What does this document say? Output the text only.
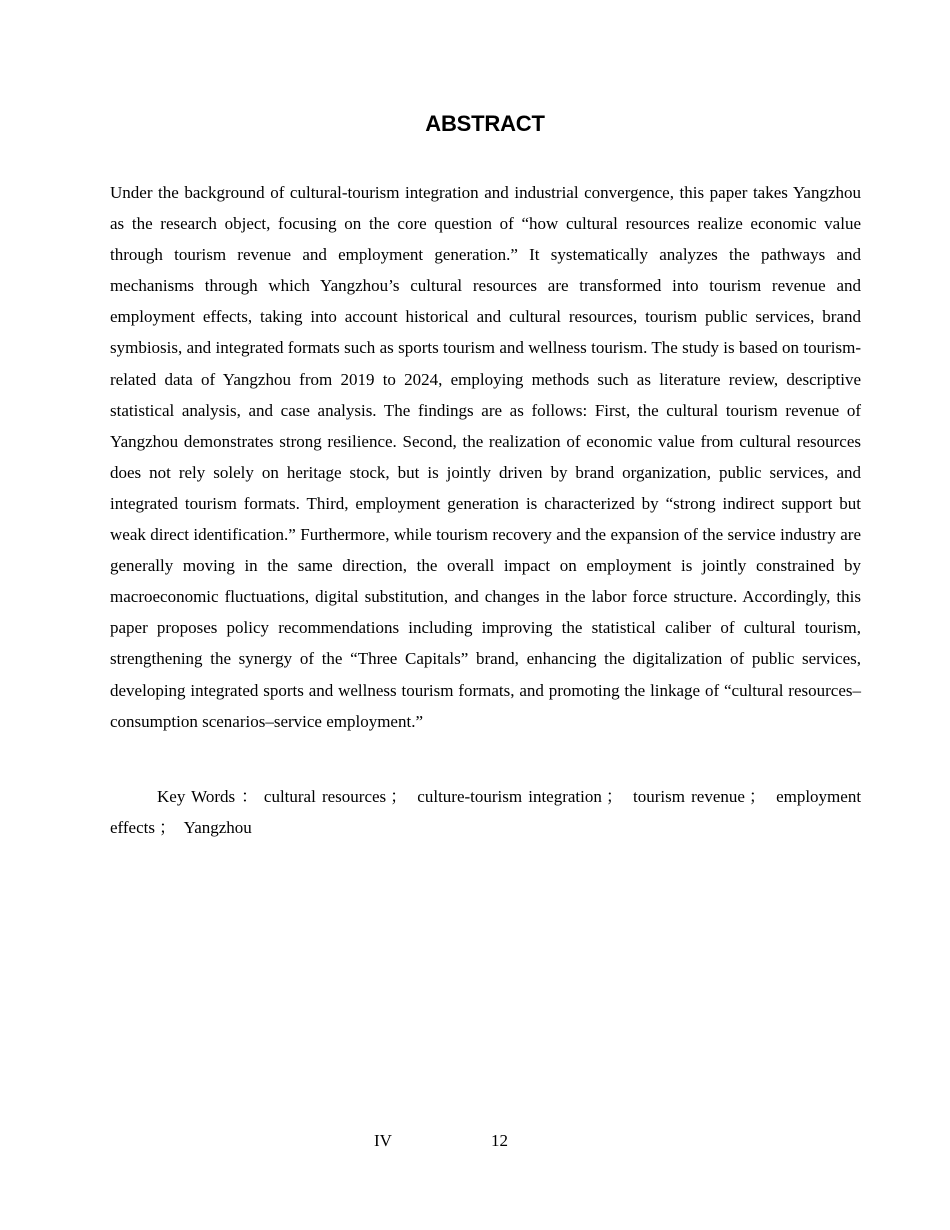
ABSTRACT

Under the background of cultural-tourism integration and industrial convergence, this paper takes Yangzhou as the research object, focusing on the core question of “how cultural resources realize economic value through tourism revenue and employment generation.” It systematically analyzes the pathways and mechanisms through which Yangzhou’s cultural resources are transformed into tourism revenue and employment effects, taking into account historical and cultural resources, tourism public services, brand symbiosis, and integrated formats such as sports tourism and wellness tourism. The study is based on tourism-related data of Yangzhou from 2019 to 2024, employing methods such as literature review, descriptive statistical analysis, and case analysis. The findings are as follows: First, the cultural tourism revenue of Yangzhou demonstrates strong resilience. Second, the realization of economic value from cultural resources does not rely solely on heritage stock, but is jointly driven by brand organization, public services, and integrated tourism formats. Third, employment generation is characterized by “strong indirect support but weak direct identification.” Furthermore, while tourism recovery and the expansion of the service industry are generally moving in the same direction, the overall impact on employment is jointly constrained by macroeconomic fluctuations, digital substitution, and changes in the labor force structure. Accordingly, this paper proposes policy recommendations including improving the statistical caliber of cultural tourism, strengthening the synergy of the “Three Capitals” brand, enhancing the digitalization of public services, developing integrated sports and wellness tourism formats, and promoting the linkage of “cultural resources–consumption scenarios–service employment.”

Key Words ： cultural resources ； culture-tourism integration ； tourism revenue ； employment effects ； Yangzhou

IV	12
